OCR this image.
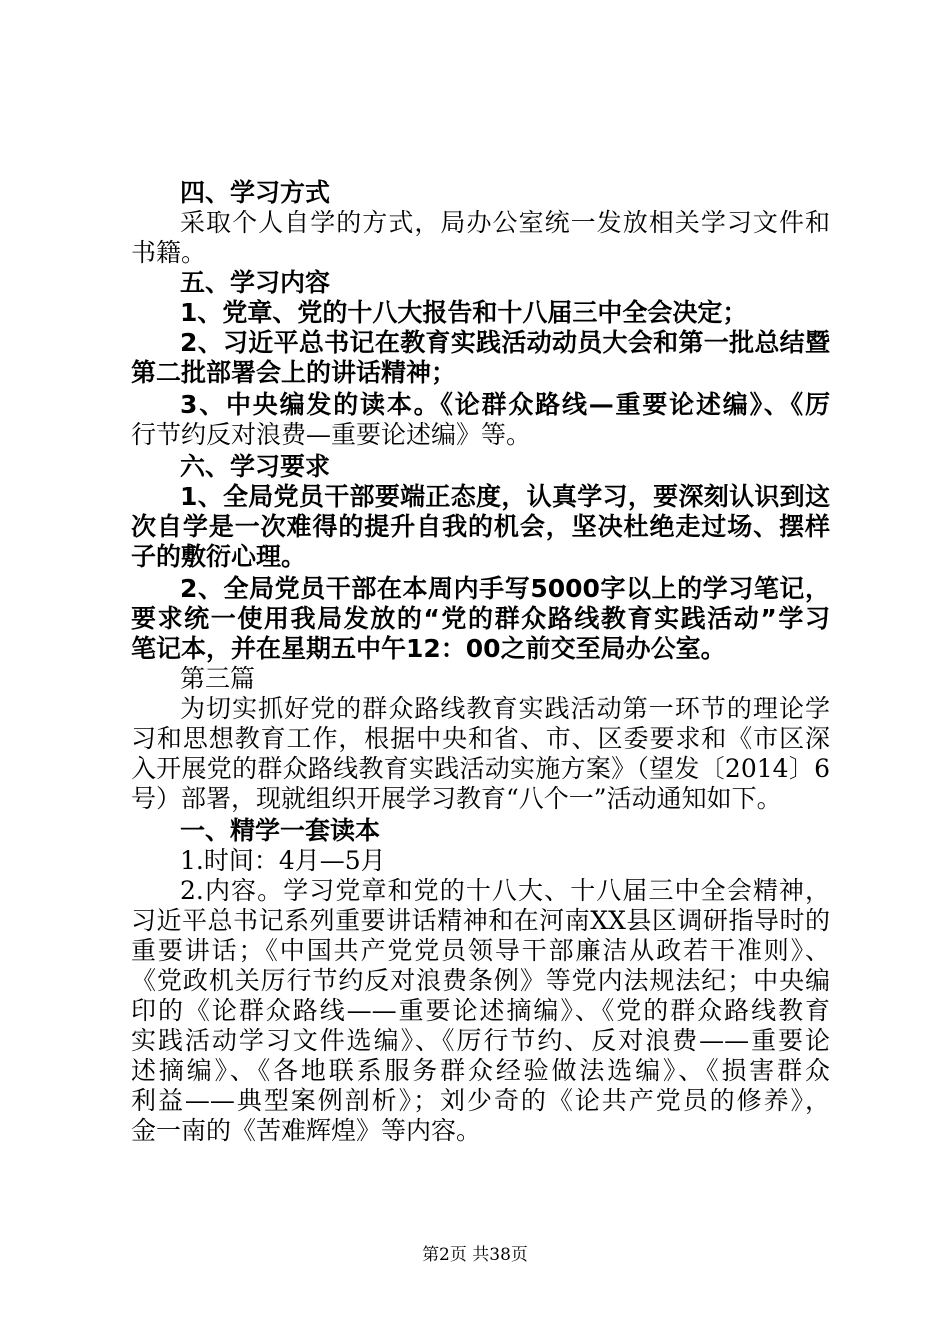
四、学习方式
采取个人自学的方式，局办公室统一发放相关学习文件和
书籍。
五、学习内容
1、党章、党的十八大报告和十八届三中全会决定；
2、习近平总书记在教育实践活动动员大会和第一批总结暨
第二批部署会上的讲话精神；
3、中央编发的读本。《论群众路线—重要论述编》、《厉
行节约反对浪费—重要论述编》等。
六、学习要求
1、全局党员干部要端正态度，认真学习，要深刻认识到这
次自学是一次难得的提升自我的机会，坚决杜绝走过场、摆样
子的敷衍心理。
2、全局党员干部在本周内手写5000字以上的学习笔记，
要求统一使用我局发放的“党的群众路线教育实践活动”学习
笔记本，并在星期五中午12：00之前交至局办公室。
第三篇
为切实抓好党的群众路线教育实践活动第一环节的理论学
习和思想教育工作，根据中央和省、市、区委要求和《市区深
入开展党的群众路线教育实践活动实施方案》（望发〔2014〕6
号）部署，现就组织开展学习教育“八个一”活动通知如下。
一、精学一套读本
1.时间：4月—5月
2.内容。学习党章和党的十八大、十八届三中全会精神，
习近平总书记系列重要讲话精神和在河南XX县区调研指导时的
重要讲话；《中国共产党党员领导干部廉洁从政若干准则》、
《党政机关厉行节约反对浪费条例》等党内法规法纪；中央编
印的《论群众路线——重要论述摘编》、《党的群众路线教育
实践活动学习文件选编》、《厉行节约、反对浪费——重要论
述摘编》、《各地联系服务群众经验做法选编》、《损害群众
利益——典型案例剖析》；刘少奇的《论共产党员的修养》，
金一南的《苦难辉煌》等内容。
第2页 共38页
